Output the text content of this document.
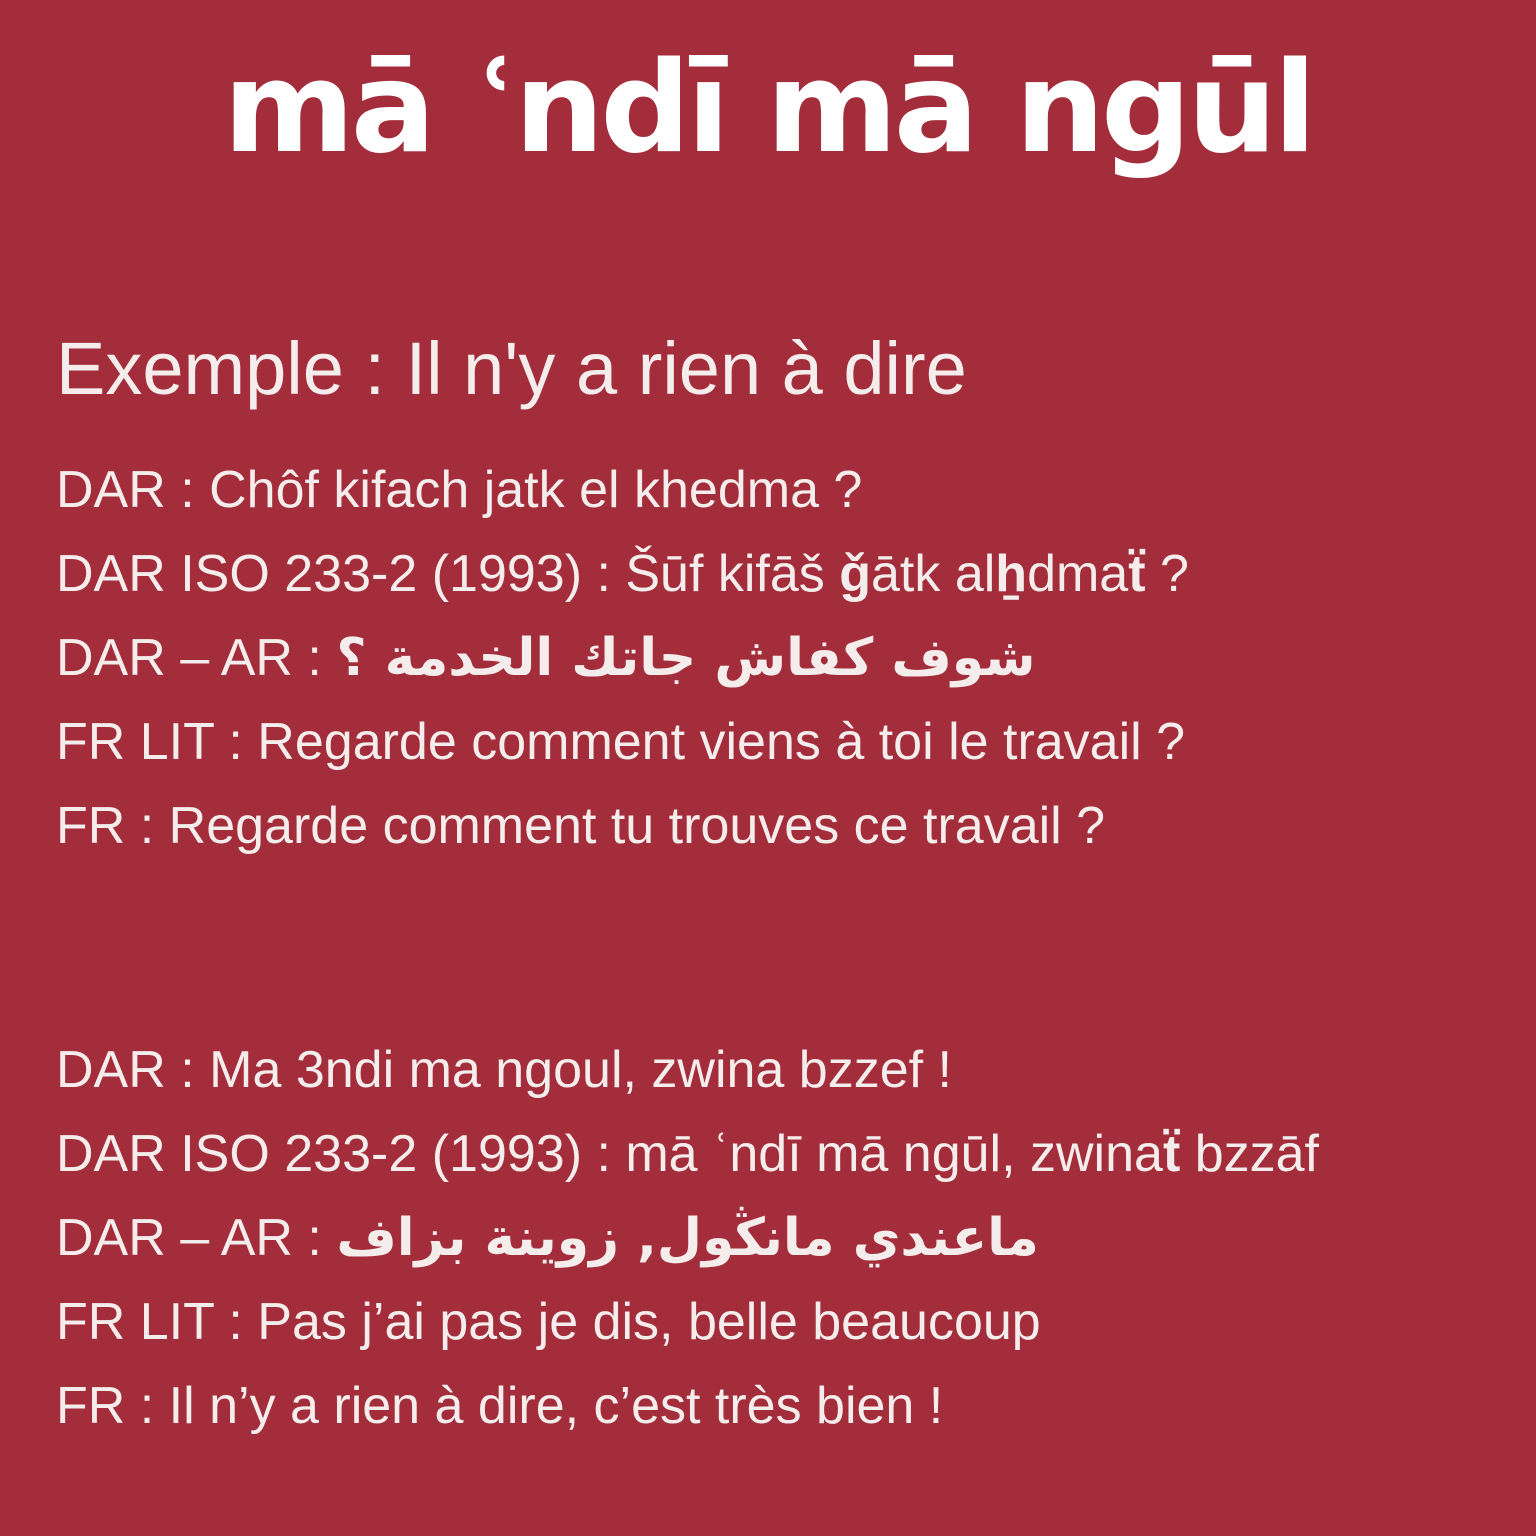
mā ʿndī mā ngūl
Exemple : Il n'y a rien à dire

DAR : Chôf kifach jatk el khedma ?

DAR ISO 233-2 (1993) : Šūf kifāš ǧātk alẖdmaẗ ?

DAR – AR : شوف كفاش جاتك الخدمة ؟

FR LIT : Regarde comment viens à toi le travail ?

FR : Regarde comment tu trouves ce travail ?

DAR : Ma 3ndi ma ngoul, zwina bzzef !

DAR ISO 233-2 (1993) : mā ʿndī mā ngūl, zwinaẗ bzzāf

DAR – AR : ماعندي مانڭول, زوينة بزاف

FR LIT : Pas j’ai pas je dis, belle beaucoup

FR : Il n’y a rien à dire, c’est très bien !
